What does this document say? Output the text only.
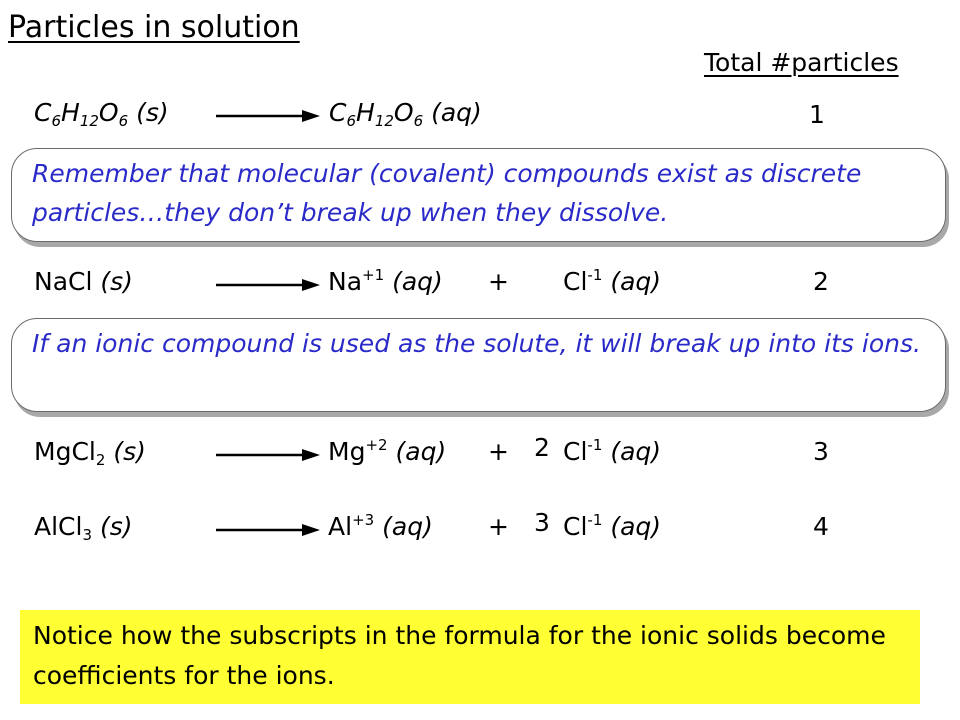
Particles in solution
Total #particles
$C_6H_{12}O_6$ (s)	$C_6H_{12}O_6$ (aq)	1
Remember that molecular (covalent) compounds exist as discrete particles…they don’t break up when they dissolve.
NaCl (s)	$Na^{+1}$ $(aq) + Cl^{-1}$ (aq)	2
If an ionic compound is used as the solute, it will break up into its ions.
MgCl$_2$ (s)	$Mg^{+2}$ (aq) + 2 $Cl^{-1}$ (aq)	3
AlCl$_3$ (s)	$Al^{+3}$ (aq) + 3 $Cl^{-1}$ (aq)	4
Notice how the subscripts in the formula for the ionic solids become coefficients for the ions.
